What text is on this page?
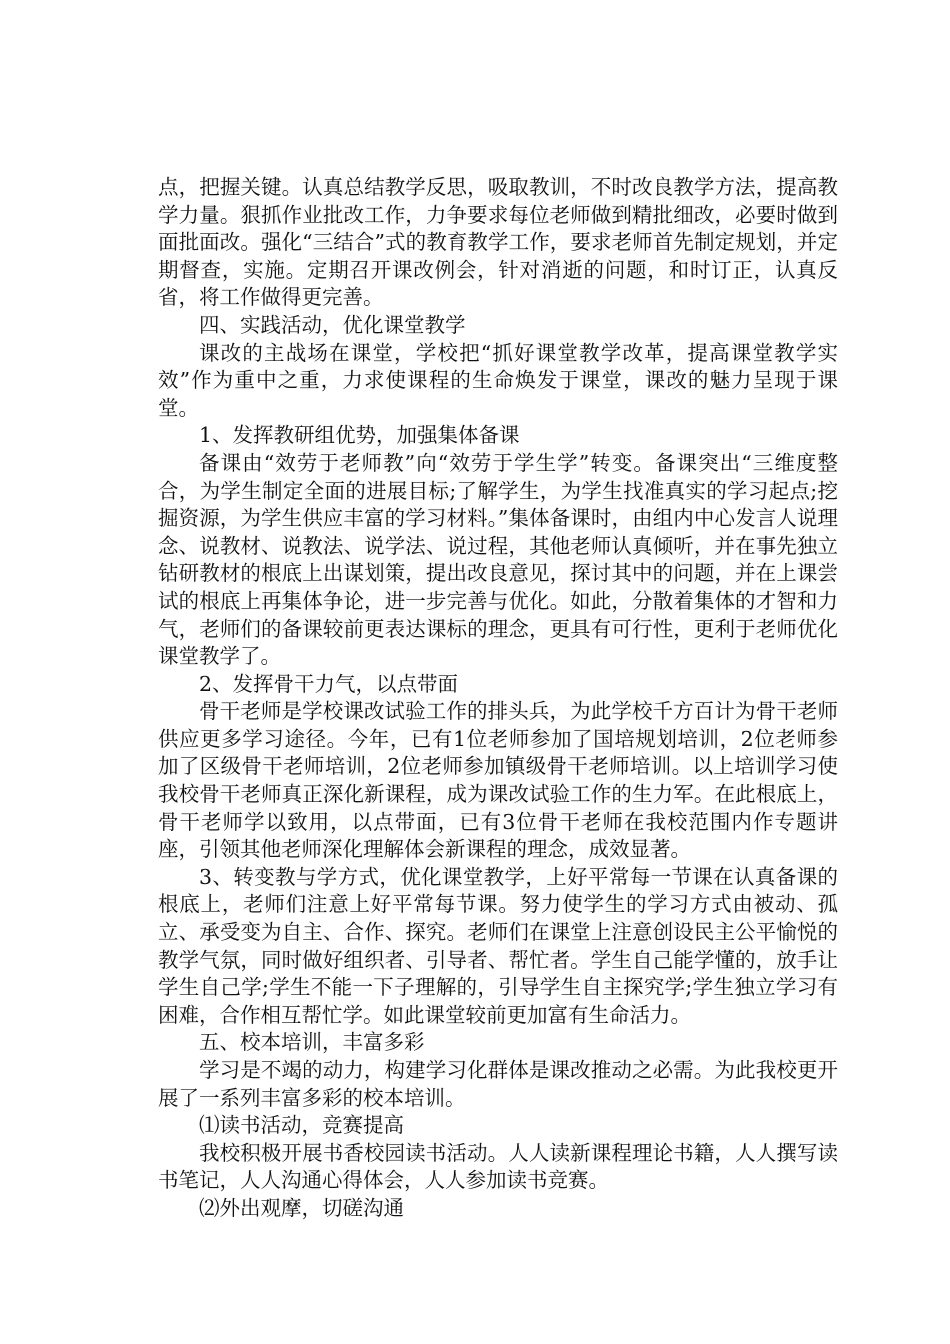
点，把握关键。认真总结教学反思，吸取教训，不时改良教学方法，提高教学力量。狠抓作业批改工作，力争要求每位老师做到精批细改，必要时做到面批面改。强化“三结合”式的教育教学工作，要求老师首先制定规划，并定期督查，实施。定期召开课改例会，针对消逝的问题，和时订正，认真反省，将工作做得更完善。

四、实践活动，优化课堂教学

课改的主战场在课堂，学校把“抓好课堂教学改革，提高课堂教学实效”作为重中之重，力求使课程的生命焕发于课堂，课改的魅力呈现于课堂。

1、发挥教研组优势，加强集体备课

备课由“效劳于老师教”向“效劳于学生学”转变。备课突出“三维度整合，为学生制定全面的进展目标;了解学生，为学生找准真实的学习起点;挖掘资源，为学生供应丰富的学习材料。”集体备课时，由组内中心发言人说理念、说教材、说教法、说学法、说过程，其他老师认真倾听，并在事先独立钻研教材的根底上出谋划策，提出改良意见，探讨其中的问题，并在上课尝试的根底上再集体争论，进一步完善与优化。如此，分散着集体的才智和力气，老师们的备课较前更表达课标的理念，更具有可行性，更利于老师优化课堂教学了。

2、发挥骨干力气，以点带面

骨干老师是学校课改试验工作的排头兵，为此学校千方百计为骨干老师供应更多学习途径。今年，已有1位老师参加了国培规划培训，2位老师参加了区级骨干老师培训，2位老师参加镇级骨干老师培训。以上培训学习使我校骨干老师真正深化新课程，成为课改试验工作的生力军。在此根底上，骨干老师学以致用，以点带面，已有3位骨干老师在我校范围内作专题讲座，引领其他老师深化理解体会新课程的理念，成效显著。

3、转变教与学方式，优化课堂教学，上好平常每一节课在认真备课的根底上，老师们注意上好平常每节课。努力使学生的学习方式由被动、孤立、承受变为自主、合作、探究。老师们在课堂上注意创设民主公平愉悦的教学气氛，同时做好组织者、引导者、帮忙者。学生自己能学懂的，放手让学生自己学;学生不能一下子理解的，引导学生自主探究学;学生独立学习有困难，合作相互帮忙学。如此课堂较前更加富有生命活力。

五、校本培训，丰富多彩

学习是不竭的动力，构建学习化群体是课改推动之必需。为此我校更开展了一系列丰富多彩的校本培训。

⑴读书活动，竞赛提高

我校积极开展书香校园读书活动。人人读新课程理论书籍，人人撰写读书笔记，人人沟通心得体会，人人参加读书竞赛。

⑵外出观摩，切磋沟通
